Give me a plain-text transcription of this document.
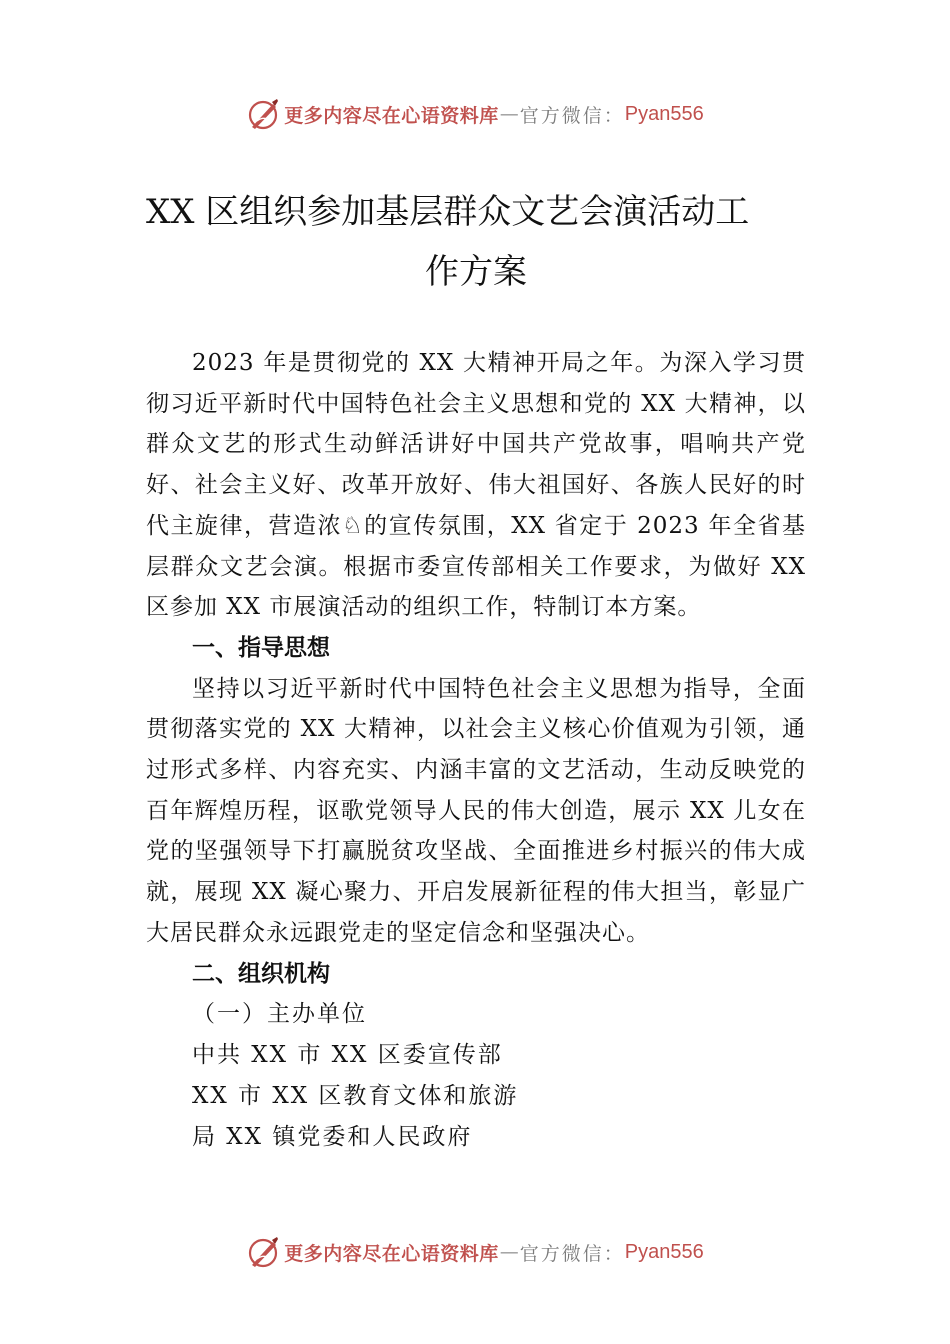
更多内容尽在心语资料库 — 官方微信： Pyan556
XX 区组织参加基层群众文艺会演活动工
作方案

2023 年是贯彻党的 XX 大精神开局之年。为深入学习贯彻习近平新时代中国特色社会主义思想和党的 XX 大精神，以群众文艺的形式生动鲜活讲好中国共产党故事，唱响共产党好、社会主义好、改革开放好、伟大祖国好、各族人民好的时代主旋律，营造浓♘的宣传氛围，XX 省定于 2023 年全省基层群众文艺会演。根据市委宣传部相关工作要求，为做好 XX 区参加 XX 市展演活动的组织工作，特制订本方案。

一、指导思想

坚持以习近平新时代中国特色社会主义思想为指导，全面贯彻落实党的 XX 大精神，以社会主义核心价值观为引领，通过形式多样、内容充实、内涵丰富的文艺活动，生动反映党的百年辉煌历程，讴歌党领导人民的伟大创造，展示 XX 儿女在党的坚强领导下打赢脱贫攻坚战、全面推进乡村振兴的伟大成就，展现 XX 凝心聚力、开启发展新征程的伟大担当，彰显广大居民群众永远跟党走的坚定信念和坚强决心。

二、组织机构

（一）主办单位

中共 XX 市 XX 区委宣传部

XX 市 XX 区教育文体和旅游

局 XX 镇党委和人民政府

更多内容尽在心语资料库 — 官方微信： Pyan556
